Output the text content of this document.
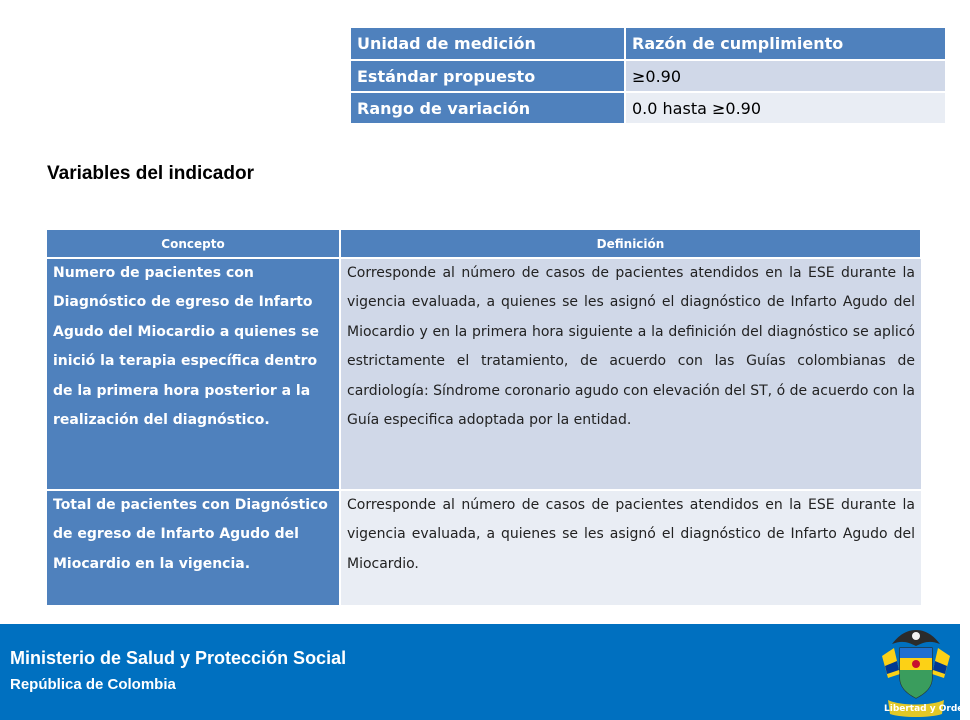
Unidad de medición	Razón de cumplimiento
Estándar propuesto	≥0.90
Rango de variación	0.0 hasta ≥0.90
Variables del indicador
Concepto	Definición
Numero de pacientes con Diagnóstico de egreso de Infarto Agudo del Miocardio a quienes se inició la terapia específica dentro de la primera hora posterior a la realización del diagnóstico.	Corresponde al número de casos de pacientes atendidos en la ESE durante la vigencia evaluada, a quienes se les asignó el diagnóstico de Infarto Agudo del Miocardio y en la primera hora siguiente a la definición del diagnóstico se aplicó estrictamente el tratamiento, de acuerdo con las Guías colombianas de cardiología: Síndrome coronario agudo con elevación del ST, ó de acuerdo con la Guía especifica adoptada por la entidad.
Total de pacientes con Diagnóstico de egreso de Infarto Agudo del Miocardio en la vigencia.	Corresponde al número de casos de pacientes atendidos en la ESE durante la vigencia evaluada, a quienes se les asignó el diagnóstico de Infarto Agudo del Miocardio.
Ministerio de Salud y Protección Social
República de Colombia
Libertad y Orden
